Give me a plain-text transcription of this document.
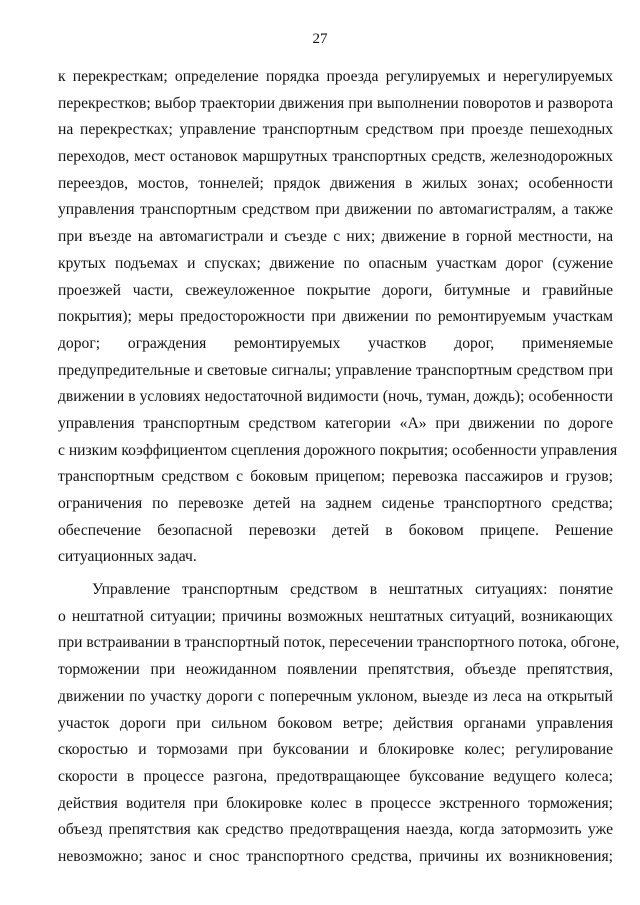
27
к перекресткам; определение порядка проезда регулируемых и нерегулируемых
перекрестков; выбор траектории движения при выполнении поворотов и разворота
на перекрестках; управление транспортным средством при проезде пешеходных
переходов, мест остановок маршрутных транспортных средств, железнодорожных
переездов, мостов, тоннелей; прядок движения в жилых зонах; особенности
управления транспортным средством при движении по автомагистралям, а также
при въезде на автомагистрали и съезде с них; движение в горной местности, на
крутых подъемах и спусках; движение по опасным участкам дорог (сужение
проезжей части, свежеуложенное покрытие дороги, битумные и гравийные
покрытия); меры предосторожности при движении по ремонтируемым участкам
дорог; ограждения ремонтируемых участков дорог, применяемые
предупредительные и световые сигналы; управление транспортным средством при
движении в условиях недостаточной видимости (ночь, туман, дождь); особенности
управления транспортным средством категории «А» при движении по дороге
с низким коэффициентом сцепления дорожного покрытия; особенности управления
транспортным средством с боковым прицепом; перевозка пассажиров и грузов;
ограничения по перевозке детей на заднем сиденье транспортного средства;
обеспечение безопасной перевозки детей в боковом прицепе. Решение
ситуационных задач.
Управление транспортным средством в нештатных ситуациях: понятие
о нештатной ситуации; причины возможных нештатных ситуаций, возникающих
при встраивании в транспортный поток, пересечении транспортного потока, обгоне,
торможении при неожиданном появлении препятствия, объезде препятствия,
движении по участку дороги с поперечным уклоном, выезде из леса на открытый
участок дороги при сильном боковом ветре; действия органами управления
скоростью и тормозами при буксовании и блокировке колес; регулирование
скорости в процессе разгона, предотвращающее буксование ведущего колеса;
действия водителя при блокировке колес в процессе экстренного торможения;
объезд препятствия как средство предотвращения наезда, когда затормозить уже
невозможно; занос и снос транспортного средства, причины их возникновения;
